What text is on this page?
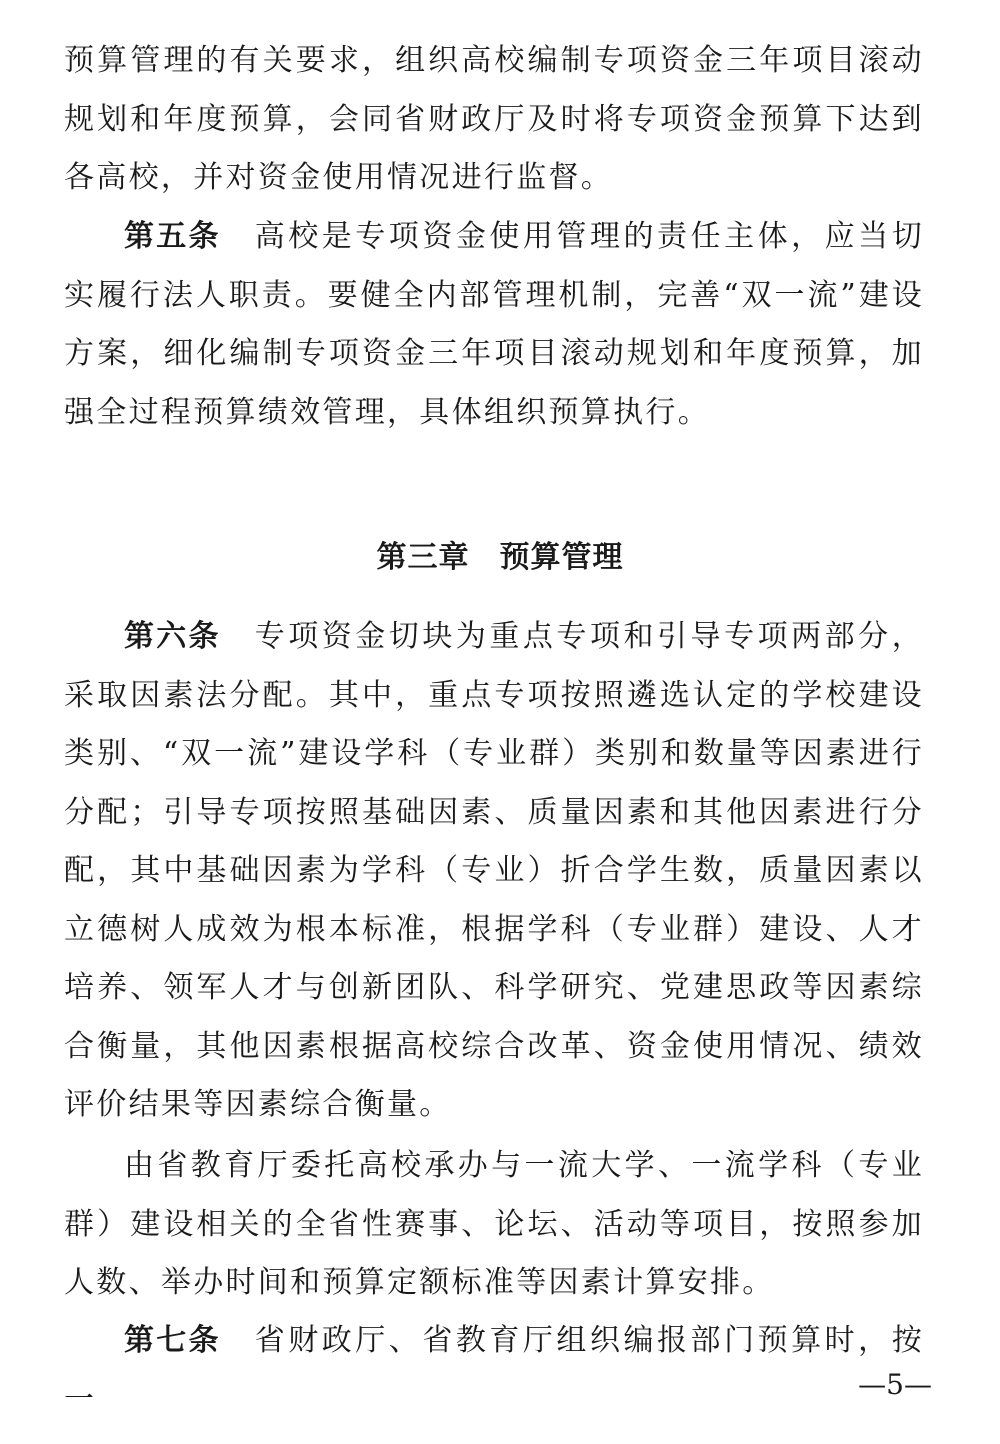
预算管理的有关要求，组织高校编制专项资金三年项目滚动规划和年度预算，会同省财政厅及时将专项资金预算下达到各高校，并对资金使用情况进行监督。

第五条 高校是专项资金使用管理的责任主体，应当切实履行法人职责。要健全内部管理机制，完善“双一流”建设方案，细化编制专项资金三年项目滚动规划和年度预算，加强全过程预算绩效管理，具体组织预算执行。

第三章 预算管理

第六条 专项资金切块为重点专项和引导专项两部分，采取因素法分配。其中，重点专项按照遴选认定的学校建设类别、“双一流”建设学科（专业群）类别和数量等因素进行分配；引导专项按照基础因素、质量因素和其他因素进行分配，其中基础因素为学科（专业）折合学生数，质量因素以立德树人成效为根本标准，根据学科（专业群）建设、人才培养、领军人才与创新团队、科学研究、党建思政等因素综合衡量，其他因素根据高校综合改革、资金使用情况、绩效评价结果等因素综合衡量。

由省教育厅委托高校承办与一流大学、一流学科（专业群）建设相关的全省性赛事、论坛、活动等项目，按照参加人数、举办时间和预算定额标准等因素计算安排。

第七条 省财政厅、省教育厅组织编报部门预算时，按一	—5—
